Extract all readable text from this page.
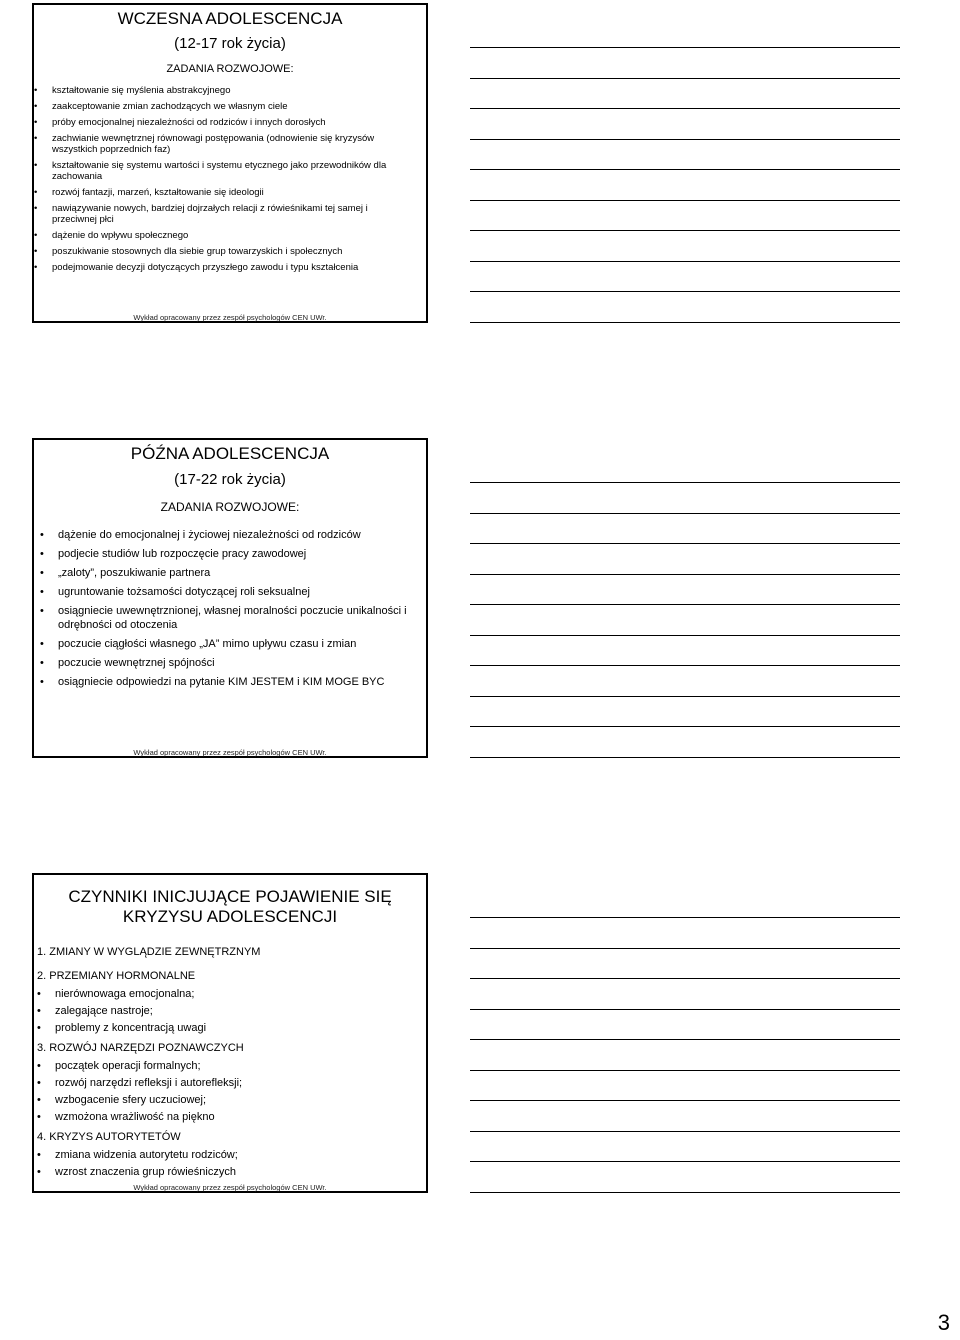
WCZESNA ADOLESCENCJA
(12-17 rok życia)
ZADANIA ROZWOJOWE:
• kształtowanie się myślenia abstrakcyjnego
• zaakceptowanie zmian zachodzących we własnym ciele
• próby emocjonalnej niezależności od rodziców i innych dorosłych
• zachwianie wewnętrznej równowagi postępowania (odnowienie się kryzysów wszystkich poprzednich faz)
• kształtowanie się systemu wartości i systemu etycznego jako przewodników dla zachowania
• rozwój fantazji, marzeń, kształtowanie się ideologii
• nawiązywanie nowych, bardziej dojrzałych relacji z rówieśnikami tej samej i przeciwnej płci
• dążenie do wpływu społecznego
• poszukiwanie stosownych dla siebie grup towarzyskich i społecznych
• podejmowanie decyzji dotyczących przyszłego zawodu i typu kształcenia
Wykład opracowany przez zespół psychologów CEN UWr.
PÓŹNA ADOLESCENCJA
(17-22 rok życia)
ZADANIA ROZWOJOWE:
• dążenie do emocjonalnej i życiowej niezależności od rodziców
• podjecie studiów lub rozpoczęcie pracy zawodowej
• „zaloty”, poszukiwanie partnera
• ugruntowanie tożsamości dotyczącej roli seksualnej
• osiągniecie uwewnętrznionej, własnej moralności poczucie unikalności i odrębności od otoczenia
• poczucie ciągłości własnego „JA” mimo upływu czasu i zmian
• poczucie wewnętrznej spójności
• osiągniecie odpowiedzi na pytanie KIM JESTEM i KIM MOGE BYC
Wykład opracowany przez zespół psychologów CEN UWr.
CZYNNIKI INICJUJĄCE POJAWIENIE SIĘ KRYZYSU ADOLESCENCJI
1. ZMIANY W WYGLĄDZIE ZEWNĘTRZNYM
2. PRZEMIANY HORMONALNE
• nierównowaga emocjonalna;
• zalegające nastroje;
• problemy z koncentracją uwagi
3. ROZWÓJ NARZĘDZI POZNAWCZYCH
• początek operacji formalnych;
• rozwój narzędzi refleksji i autorefleksji;
• wzbogacenie sfery uczuciowej;
• wzmożona wrażliwość na piękno
4. KRYZYS AUTORYTETÓW
• zmiana widzenia autorytetu rodziców;
• wzrost znaczenia grup rówieśniczych
Wykład opracowany przez zespół psychologów CEN UWr.
3
